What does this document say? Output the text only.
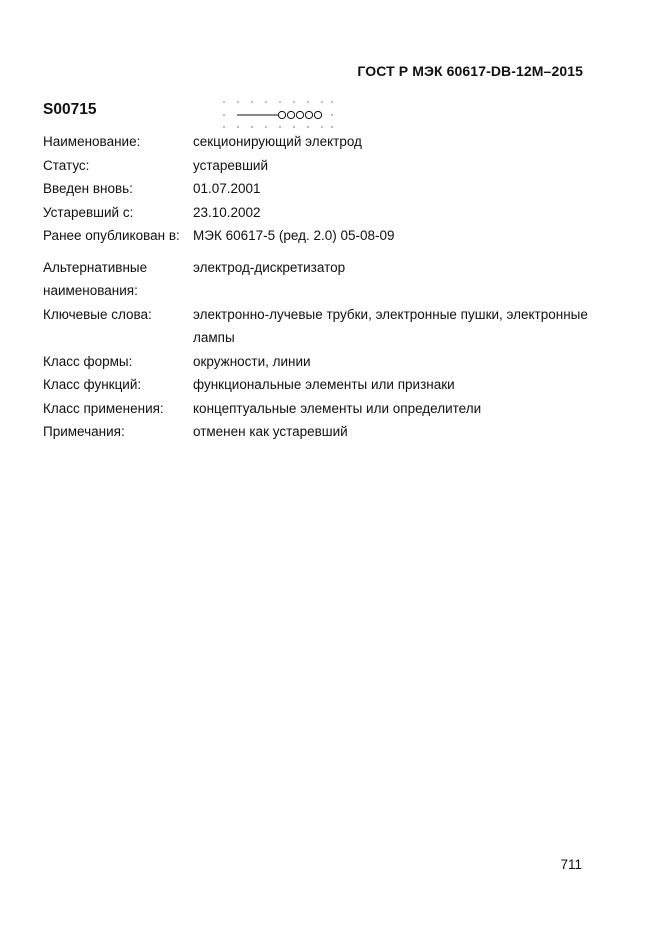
ГОСТ Р МЭК 60617-DB-12M–2015
S00715
Наименование:	секционирующий электрод
Статус:	устаревший
Введен вновь:	01.07.2001
Устаревший с:	23.10.2002
Ранее опубликован в: МЭК 60617-5 (ред. 2.0) 05-08-09
Альтернативные наименования:
электрод-дискретизатор
Ключевые слова:	электронно-лучевые трубки, электронные пушки, электронные лампы
Класс формы:	окружности, линии
Класс функций:	функциональные элементы или признаки
Класс применения:	концептуальные элементы или определители
Примечания:	отменен как устаревший
711
